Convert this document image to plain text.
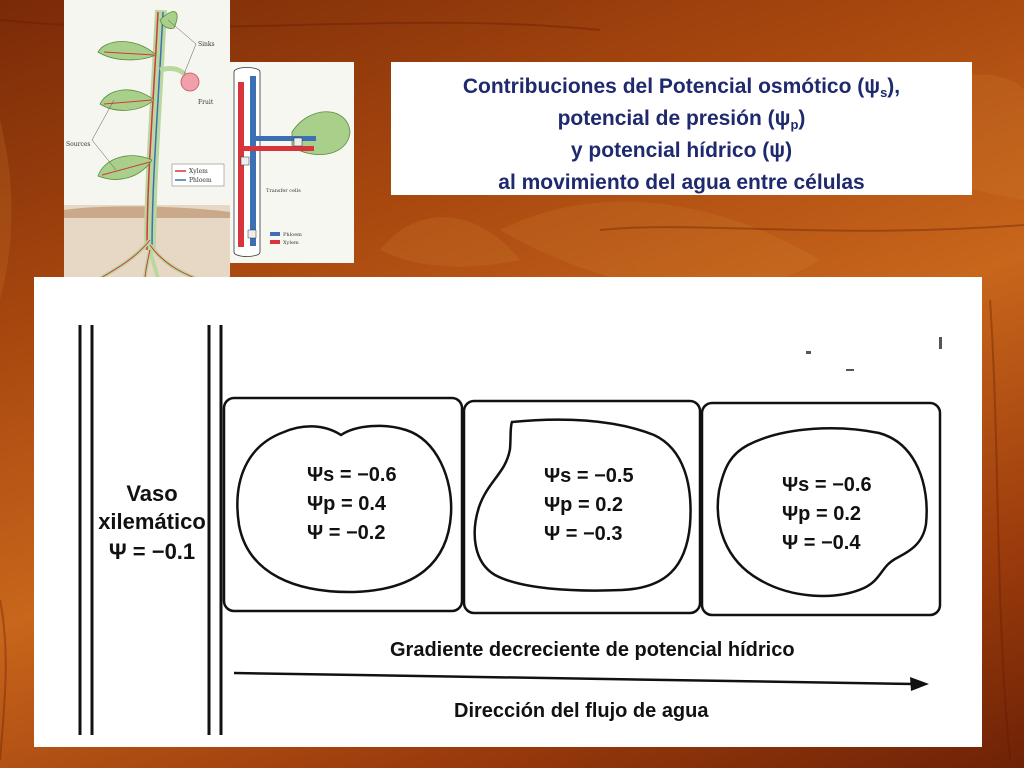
Xylem
Phloem
Sinks
Fruit
Sources
Transfer cells
Phloem
Xylem
Contribuciones del Potencial osmótico $(\psi_s)$,
potencial de presión $(\psi_p)$
y potencial hídrico (ψ)
al movimiento del agua entre células
Vaso
xilemático
Ψ = −0.1
Ψs = −0.6
Ψp = 0.4
Ψ = −0.2
Ψs = −0.5
Ψp = 0.2
Ψ = −0.3
Ψs = −0.6
Ψp = 0.2
Ψ = −0.4
Gradiente decreciente de potencial hídrico
Dirección del flujo de agua
